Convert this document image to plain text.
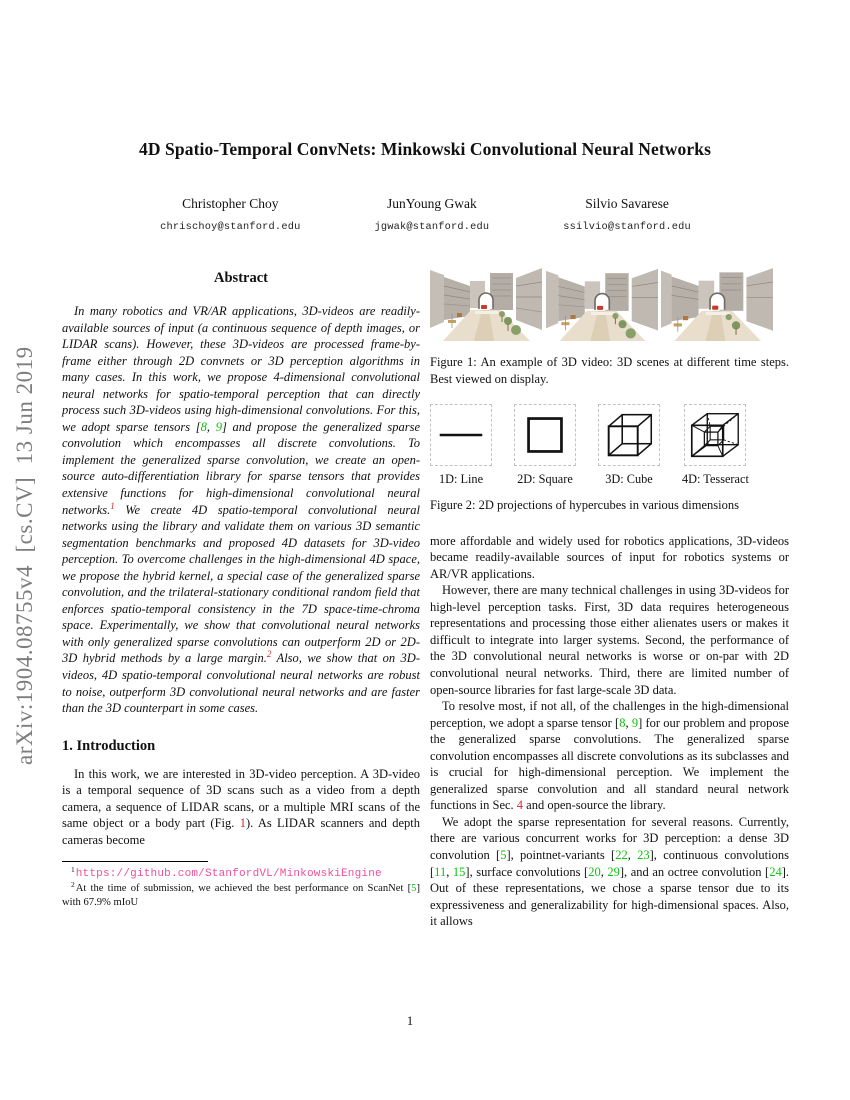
arXiv:1904.08755v4  [cs.CV]  13 Jun 2019
4D Spatio-Temporal ConvNets: Minkowski Convolutional Neural Networks
Christopher Choy
chrischoy@stanford.edu
JunYoung Gwak
jgwak@stanford.edu
Silvio Savarese
ssilvio@stanford.edu
Abstract

In many robotics and VR/AR applications, 3D-videos are readily-available sources of input (a continuous sequence of depth images, or LIDAR scans). However, these 3D-videos are processed frame-by-frame either through 2D convnets or 3D perception algorithms in many cases. In this work, we propose 4-dimensional convolutional neural networks for spatio-temporal perception that can directly process such 3D-videos using high-dimensional convolutions. For this, we adopt sparse tensors [8, 9] and propose the generalized sparse convolution which encompasses all discrete convolutions. To implement the generalized sparse convolution, we create an open-source auto-differentiation library for sparse tensors that provides extensive functions for high-dimensional convolutional neural networks.$^1$ We create 4D spatio-temporal convolutional neural networks using the library and validate them on various 3D semantic segmentation benchmarks and proposed 4D datasets for 3D-video perception. To overcome challenges in the high-dimensional 4D space, we propose the hybrid kernel, a special case of the generalized sparse convolution, and the trilateral-stationary conditional random field that enforces spatio-temporal consistency in the 7D space-time-chroma space. Experimentally, we show that convolutional neural networks with only generalized sparse convolutions can outperform 2D or 2D-3D hybrid methods by a large margin.$^2$ Also, we show that on 3D-videos, 4D spatio-temporal convolutional neural networks are robust to noise, outperform 3D convolutional neural networks and are faster than the 3D counterpart in some cases.

1. Introduction

In this work, we are interested in 3D-video perception. A 3D-video is a temporal sequence of 3D scans such as a video from a depth camera, a sequence of LIDAR scans, or a multiple MRI scans of the same object or a body part (Fig. 1). As LIDAR scanners and depth cameras become

$^1$https://github.com/StanfordVL/MinkowskiEngine

$^2$At the time of submission, we achieved the best performance on ScanNet [5] with 67.9% mIoU

Figure 1: An example of 3D video: 3D scenes at different time steps. Best viewed on display.

1D: Line	2D: Square	3D: Cube 4D: Tesseract

Figure 2: 2D projections of hypercubes in various dimensions

more affordable and widely used for robotics applications, 3D-videos became readily-available sources of input for robotics systems or AR/VR applications.

However, there are many technical challenges in using 3D-videos for high-level perception tasks. First, 3D data requires heterogeneous representations and processing those either alienates users or makes it difficult to integrate into larger systems. Second, the performance of the 3D convolutional neural networks is worse or on-par with 2D convolutional neural networks. Third, there are limited number of open-source libraries for fast large-scale 3D data.

To resolve most, if not all, of the challenges in the high-dimensional perception, we adopt a sparse tensor [8, 9] for our problem and propose the generalized sparse convolutions. The generalized sparse convolution encompasses all discrete convolutions as its subclasses and is crucial for high-dimensional perception. We implement the generalized sparse convolution and all standard neural network functions in Sec. 4 and open-source the library.

We adopt the sparse representation for several reasons. Currently, there are various concurrent works for 3D perception: a dense 3D convolution [5], pointnet-variants [22, 23], continuous convolutions [11, 15], surface convolutions [20, 29], and an octree convolution [24]. Out of these representations, we chose a sparse tensor due to its expressiveness and generalizability for high-dimensional spaces. Also, it allows

1
